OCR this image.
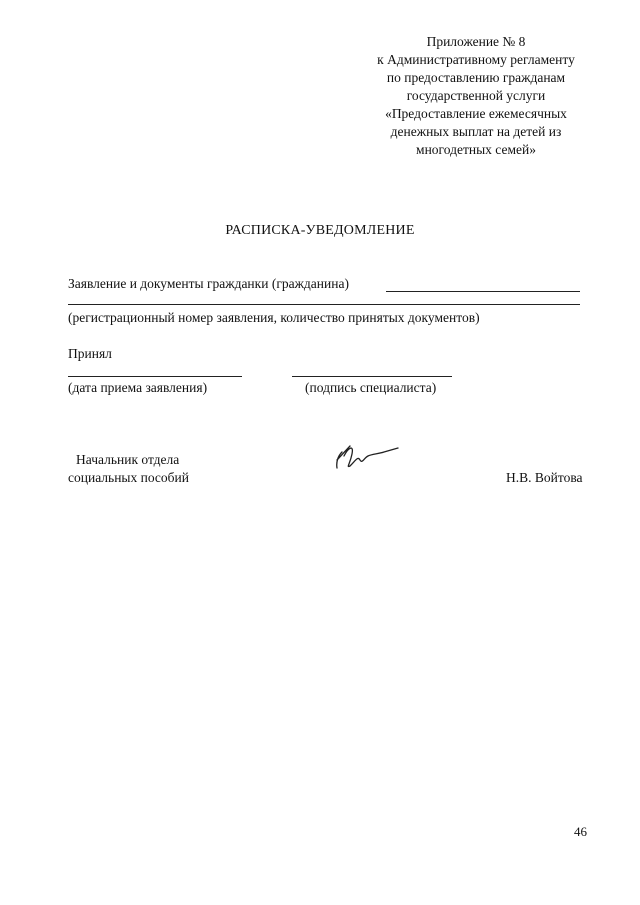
Приложение № 8
к Административному регламенту
по предоставлению гражданам
государственной услуги
«Предоставление ежемесячных
денежных выплат на детей из
многодетных семей»
РАСПИСКА-УВЕДОМЛЕНИЕ
Заявление и документы гражданки (гражданина)
(регистрационный номер заявления, количество принятых документов)
Принял
(дата приема заявления)	(подпись специалиста)
Начальник отдела
социальных пособий	Н.В. Войтова
46
